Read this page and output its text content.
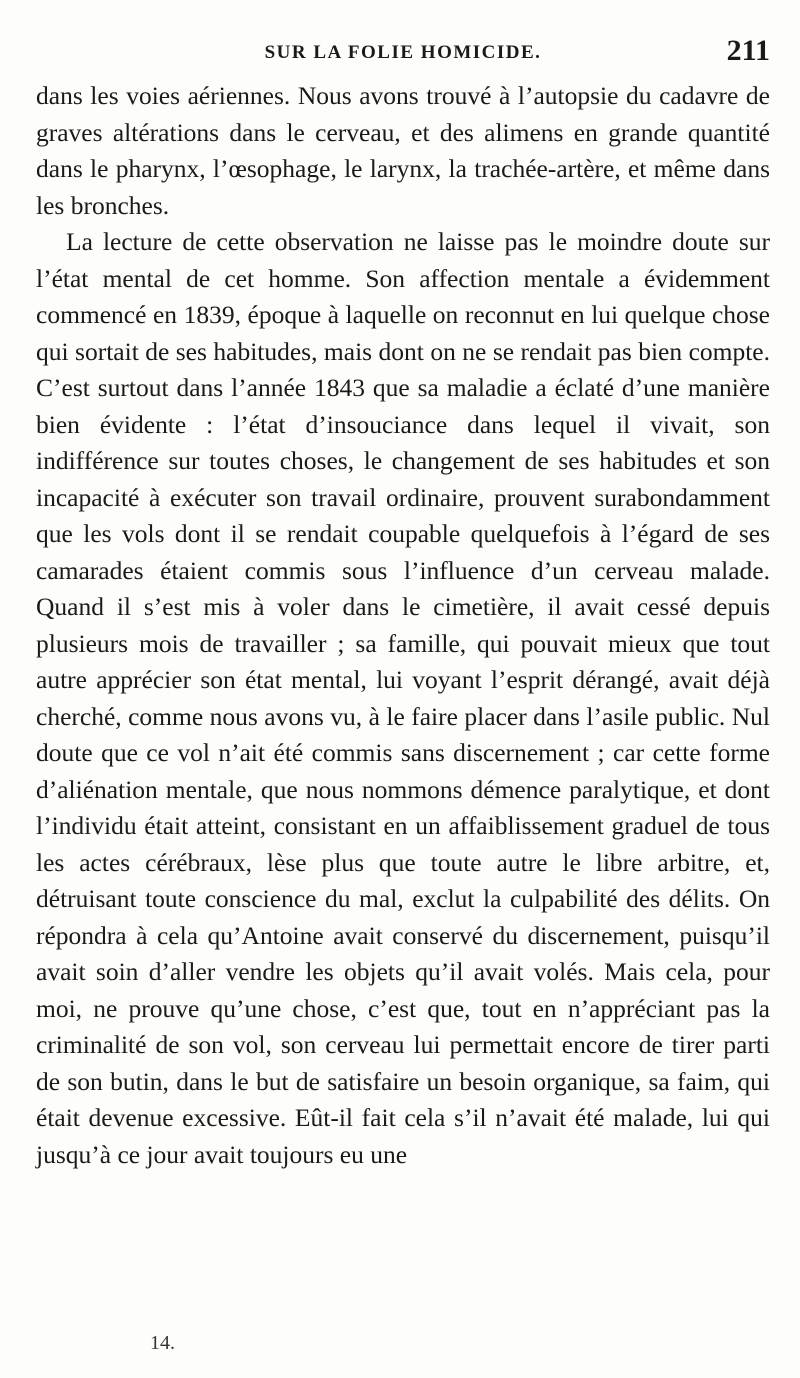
SUR LA FOLIE HOMICIDE.	211

dans les voies aériennes. Nous avons trouvé à l’autopsie du cadavre de graves altérations dans le cerveau, et des alimens en grande quantité dans le pharynx, l’œsophage, le larynx, la trachée-artère, et même dans les bronches.

La lecture de cette observation ne laisse pas le moindre doute sur l’état mental de cet homme. Son affection mentale a évidemment commencé en 1839, époque à laquelle on reconnut en lui quelque chose qui sortait de ses habitudes, mais dont on ne se rendait pas bien compte. C’est surtout dans l’année 1843 que sa maladie a éclaté d’une manière bien évidente : l’état d’insouciance dans lequel il vivait, son indifférence sur toutes choses, le changement de ses habitudes et son incapacité à exécuter son travail ordinaire, prouvent surabondamment que les vols dont il se rendait coupable quelquefois à l’égard de ses camarades étaient commis sous l’influence d’un cerveau malade. Quand il s’est mis à voler dans le cimetière, il avait cessé depuis plusieurs mois de travailler ; sa famille, qui pouvait mieux que tout autre apprécier son état mental, lui voyant l’esprit dérangé, avait déjà cherché, comme nous avons vu, à le faire placer dans l’asile public. Nul doute que ce vol n’ait été commis sans discernement ; car cette forme d’aliénation mentale, que nous nommons démence paralytique, et dont l’individu était atteint, consistant en un affaiblissement graduel de tous les actes cérébraux, lèse plus que toute autre le libre arbitre, et, détruisant toute conscience du mal, exclut la culpabilité des délits. On répondra à cela qu’Antoine avait conservé du discernement, puisqu’il avait soin d’aller vendre les objets qu’il avait volés. Mais cela, pour moi, ne prouve qu’une chose, c’est que, tout en n’appréciant pas la criminalité de son vol, son cerveau lui permettait encore de tirer parti de son butin, dans le but de satisfaire un besoin organique, sa faim, qui était devenue excessive. Eût-il fait cela s’il n’avait été malade, lui qui jusqu’à ce jour avait toujours eu une

14.
